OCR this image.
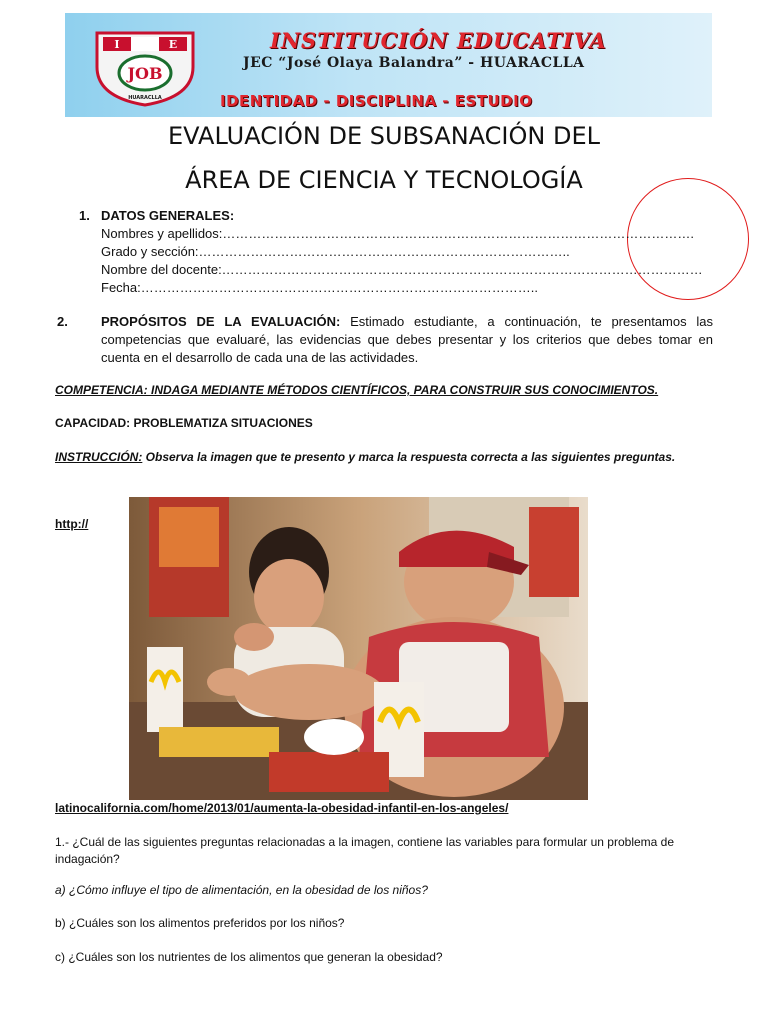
I	E
JOB
HUARACLLA
INSTITUCIÓN EDUCATIVA
JEC “José Olaya Balandra” - HUARACLLA
IDENTIDAD - DISCIPLINA - ESTUDIO
EVALUACIÓN DE SUBSANACIÓN DEL
ÁREA DE CIENCIA Y TECNOLOGÍA
1. DATOS GENERALES:
Nombres y apellidos:……………………………………………………………………………………………….
Grado y sección:…………………………………………………………………………..
Nombre del docente:…………………………………………………………………………………………………
Fecha:………………………………………………………………………………..
2.	PROPÓSITOS DE LA EVALUACIÓN: Estimado estudiante, a continuación, te presentamos las competencias que evaluaré, las evidencias que debes presentar y los criterios que debes tomar en cuenta en el desarrollo de cada una de las actividades.
COMPETENCIA: INDAGA MEDIANTE MÉTODOS CIENTÍFICOS, PARA CONSTRUIR SUS CONOCIMIENTOS.
CAPACIDAD: PROBLEMATIZA SITUACIONES
INSTRUCCIÓN: Observa la imagen que te presento y marca la respuesta correcta a las siguientes preguntas.
http://
latinocalifornia.com/home/2013/01/aumenta-la-obesidad-infantil-en-los-angeles/
1.- ¿Cuál de las siguientes preguntas relacionadas a la imagen, contiene las variables para formular un problema de indagación?
a) ¿Cómo influye el tipo de alimentación, en la obesidad de los niños?
b) ¿Cuáles son los alimentos preferidos por los niños?
c) ¿Cuáles son los nutrientes de los alimentos que generan la obesidad?
